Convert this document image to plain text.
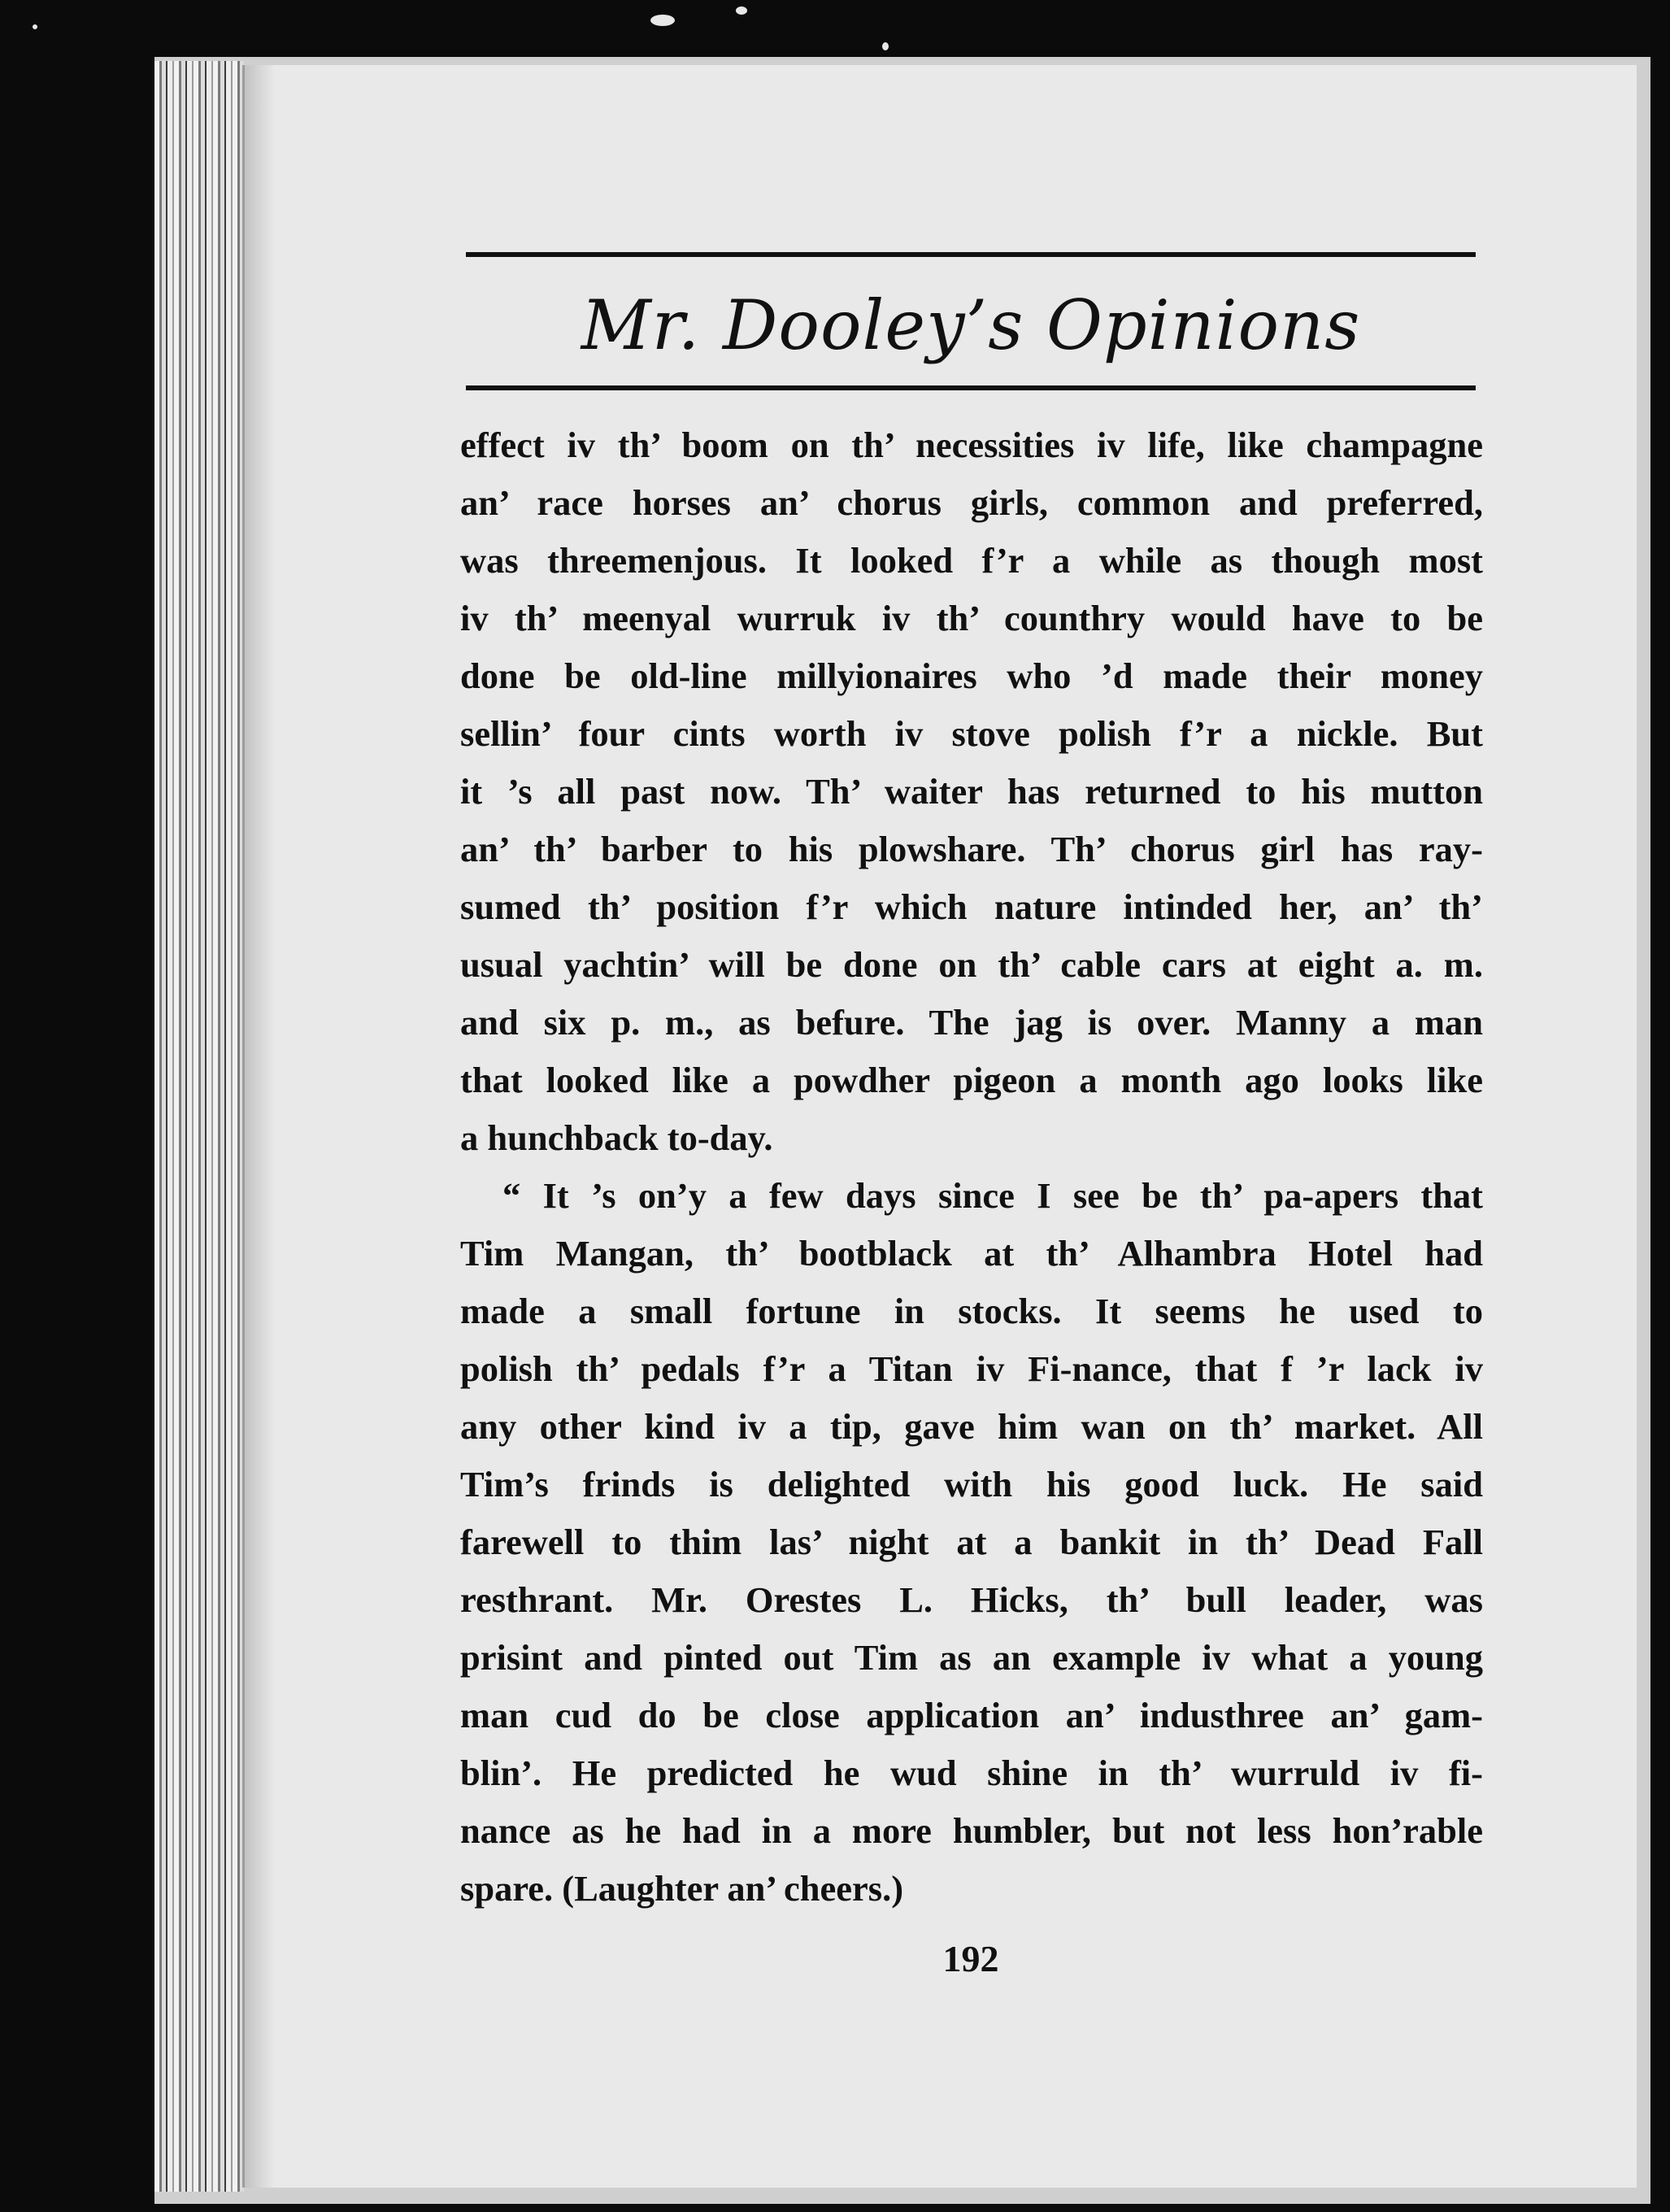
Mr. Dooley’s Opinions

effect iv th’ boom on th’ necessities iv life, like champagne
an’ race horses an’ chorus girls, common and preferred,
was threemenjous. It looked f’r a while as though most
iv th’ meenyal wurruk iv th’ counthry would have to be
done be old-line millyionaires who ’d made their money
sellin’ four cints worth iv stove polish f’r a nickle. But
it ’s all past now. Th’ waiter has returned to his mutton
an’ th’ barber to his plowshare. Th’ chorus girl has ray-
sumed th’ position f’r which nature intinded her, an’ th’
usual yachtin’ will be done on th’ cable cars at eight a. m.
and six p. m., as befure. The jag is over. Manny a man
that looked like a powdher pigeon a month ago looks like
a hunchback to-day.

“ It ’s on’y a few days since I see be th’ pa-apers that
Tim Mangan, th’ bootblack at th’ Alhambra Hotel had
made a small fortune in stocks. It seems he used to
polish th’ pedals f’r a Titan iv Fi-nance, that f ’r lack iv
any other kind iv a tip, gave him wan on th’ market. All
Tim’s frinds is delighted with his good luck. He said
farewell to thim las’ night at a bankit in th’ Dead Fall
resthrant. Mr. Orestes L. Hicks, th’ bull leader, was
prisint and pinted out Tim as an example iv what a young
man cud do be close application an’ industhree an’ gam-
blin’. He predicted he wud shine in th’ wurruld iv fi-
nance as he had in a more humbler, but not less hon’rable
spare. (Laughter an’ cheers.)

192
